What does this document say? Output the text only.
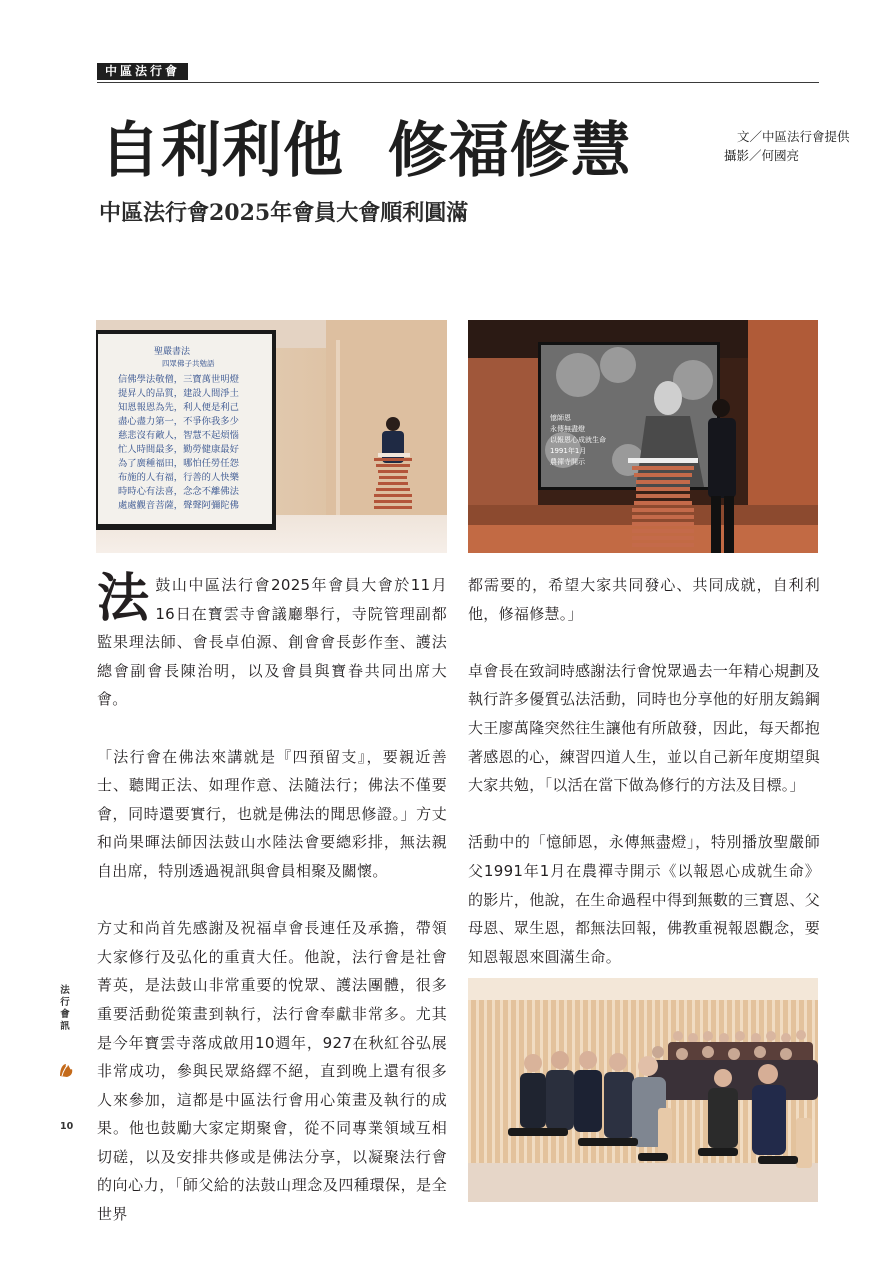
中區法行會
自利利他  修福修慧
中區法行會2025年會員大會順利圓滿
文／中區法行會提供
攝影／何國亮
聖嚴書法
四眾佛子共勉語
信佛學法敬僧，三寶萬世明燈
提昇人的品質，建設人間淨土
知恩報恩為先，利人便是利己
盡心盡力第一，不爭你我多少
慈悲沒有敵人，智慧不起煩惱
忙人時間最多，勤勞健康最好
為了廣種福田，哪怕任勞任怨
布施的人有福，行善的人快樂
時時心有法喜，念念不離佛法
處處觀音菩薩，聲聲阿彌陀佛
憶師恩
永傳無盡燈
以報恩心成就生命
1991年1月
農禪寺開示

法鼓山中區法行會2025年會員大會於11月16日在寶雲寺會議廳舉行，寺院管理副都監果理法師、會長卓伯源、創會會長彭作奎、護法總會副會長陳治明，以及會員與寶眷共同出席大會。

「法行會在佛法來講就是『四預留支』，要親近善士、聽聞正法、如理作意、法隨法行；佛法不僅要會，同時還要實行，也就是佛法的聞思修證。」方丈和尚果暉法師因法鼓山水陸法會要總彩排，無法親自出席，特別透過視訊與會員相聚及關懷。

方丈和尚首先感謝及祝福卓會長連任及承擔，帶領大家修行及弘化的重責大任。他說，法行會是社會菁英，是法鼓山非常重要的悅眾、護法團體，很多重要活動從策畫到執行，法行會奉獻非常多。尤其是今年寶雲寺落成啟用10週年，927在秋紅谷弘展非常成功，參與民眾絡繹不絕，直到晚上還有很多人來參加，這都是中區法行會用心策畫及執行的成果。他也鼓勵大家定期聚會，從不同專業領域互相切磋，以及安排共修或是佛法分享，以凝聚法行會的向心力，「師父給的法鼓山理念及四種環保，是全世界

都需要的，希望大家共同發心、共同成就，自利利他，修福修慧。」

卓會長在致詞時感謝法行會悅眾過去一年精心規劃及執行許多優質弘法活動，同時也分享他的好朋友鎢鋼大王廖萬隆突然往生讓他有所啟發，因此，每天都抱著感恩的心，練習四道人生，並以自己新年度期望與大家共勉，「以活在當下做為修行的方法及目標。」

活動中的「憶師恩，永傳無盡燈」，特別播放聖嚴師父1991年1月在農禪寺開示《以報恩心成就生命》的影片，他說，在生命過程中得到無數的三寶恩、父母恩、眾生恩，都無法回報，佛教重視報恩觀念，要知恩報恩來圓滿生命。

法行會訊
10
